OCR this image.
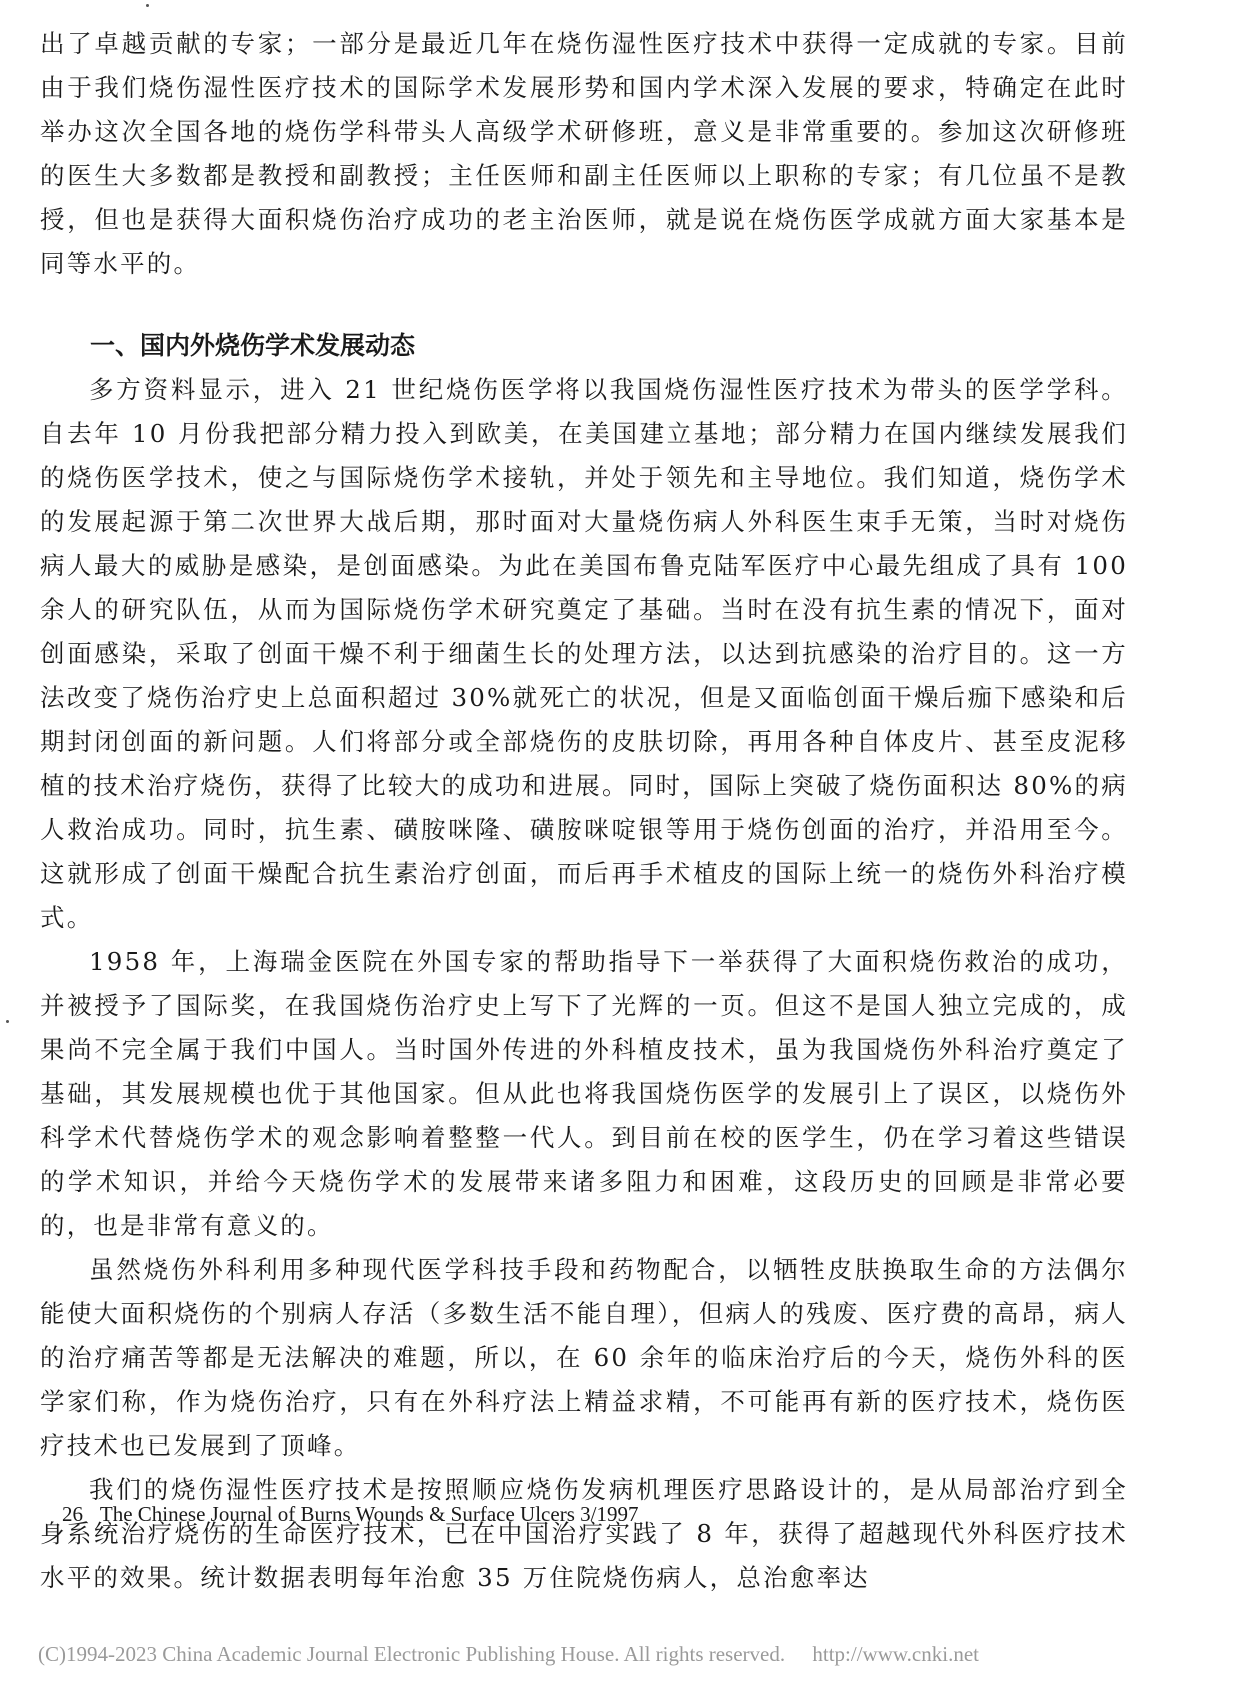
出了卓越贡献的专家；一部分是最近几年在烧伤湿性医疗技术中获得一定成就的专家。目前由于我们烧伤湿性医疗技术的国际学术发展形势和国内学术深入发展的要求，特确定在此时举办这次全国各地的烧伤学科带头人高级学术研修班，意义是非常重要的。参加这次研修班的医生大多数都是教授和副教授；主任医师和副主任医师以上职称的专家；有几位虽不是教授，但也是获得大面积烧伤治疗成功的老主治医师，就是说在烧伤医学成就方面大家基本是同等水平的。

一、国内外烧伤学术发展动态

多方资料显示，进入 21 世纪烧伤医学将以我国烧伤湿性医疗技术为带头的医学学科。自去年 10 月份我把部分精力投入到欧美，在美国建立基地；部分精力在国内继续发展我们的烧伤医学技术，使之与国际烧伤学术接轨，并处于领先和主导地位。我们知道，烧伤学术的发展起源于第二次世界大战后期，那时面对大量烧伤病人外科医生束手无策，当时对烧伤病人最大的威胁是感染，是创面感染。为此在美国布鲁克陆军医疗中心最先组成了具有 100 余人的研究队伍，从而为国际烧伤学术研究奠定了基础。当时在没有抗生素的情况下，面对创面感染，采取了创面干燥不利于细菌生长的处理方法，以达到抗感染的治疗目的。这一方法改变了烧伤治疗史上总面积超过 30%就死亡的状况，但是又面临创面干燥后痂下感染和后期封闭创面的新问题。人们将部分或全部烧伤的皮肤切除，再用各种自体皮片、甚至皮泥移植的技术治疗烧伤，获得了比较大的成功和进展。同时，国际上突破了烧伤面积达 80%的病人救治成功。同时，抗生素、磺胺咪隆、磺胺咪啶银等用于烧伤创面的治疗，并沿用至今。这就形成了创面干燥配合抗生素治疗创面，而后再手术植皮的国际上统一的烧伤外科治疗模式。

1958 年，上海瑞金医院在外国专家的帮助指导下一举获得了大面积烧伤救治的成功，并被授予了国际奖，在我国烧伤治疗史上写下了光辉的一页。但这不是国人独立完成的，成果尚不完全属于我们中国人。当时国外传进的外科植皮技术，虽为我国烧伤外科治疗奠定了基础，其发展规模也优于其他国家。但从此也将我国烧伤医学的发展引上了误区，以烧伤外科学术代替烧伤学术的观念影响着整整一代人。到目前在校的医学生，仍在学习着这些错误的学术知识，并给今天烧伤学术的发展带来诸多阻力和困难，这段历史的回顾是非常必要的，也是非常有意义的。

虽然烧伤外科利用多种现代医学科技手段和药物配合，以牺牲皮肤换取生命的方法偶尔能使大面积烧伤的个别病人存活（多数生活不能自理），但病人的残废、医疗费的高昂，病人的治疗痛苦等都是无法解决的难题，所以，在 60 余年的临床治疗后的今天，烧伤外科的医学家们称，作为烧伤治疗，只有在外科疗法上精益求精，不可能再有新的医疗技术，烧伤医疗技术也已发展到了顶峰。

我们的烧伤湿性医疗技术是按照顺应烧伤发病机理医疗思路设计的，是从局部治疗到全身系统治疗烧伤的生命医疗技术，已在中国治疗实践了 8 年，获得了超越现代外科医疗技术水平的效果。统计数据表明每年治愈 35 万住院烧伤病人，总治愈率达

26 The Chinese Journal of Burns Wounds & Surface Ulcers 3/1997
(C)1994-2023 China Academic Journal Electronic Publishing House. All rights reserved. http://www.cnki.net
